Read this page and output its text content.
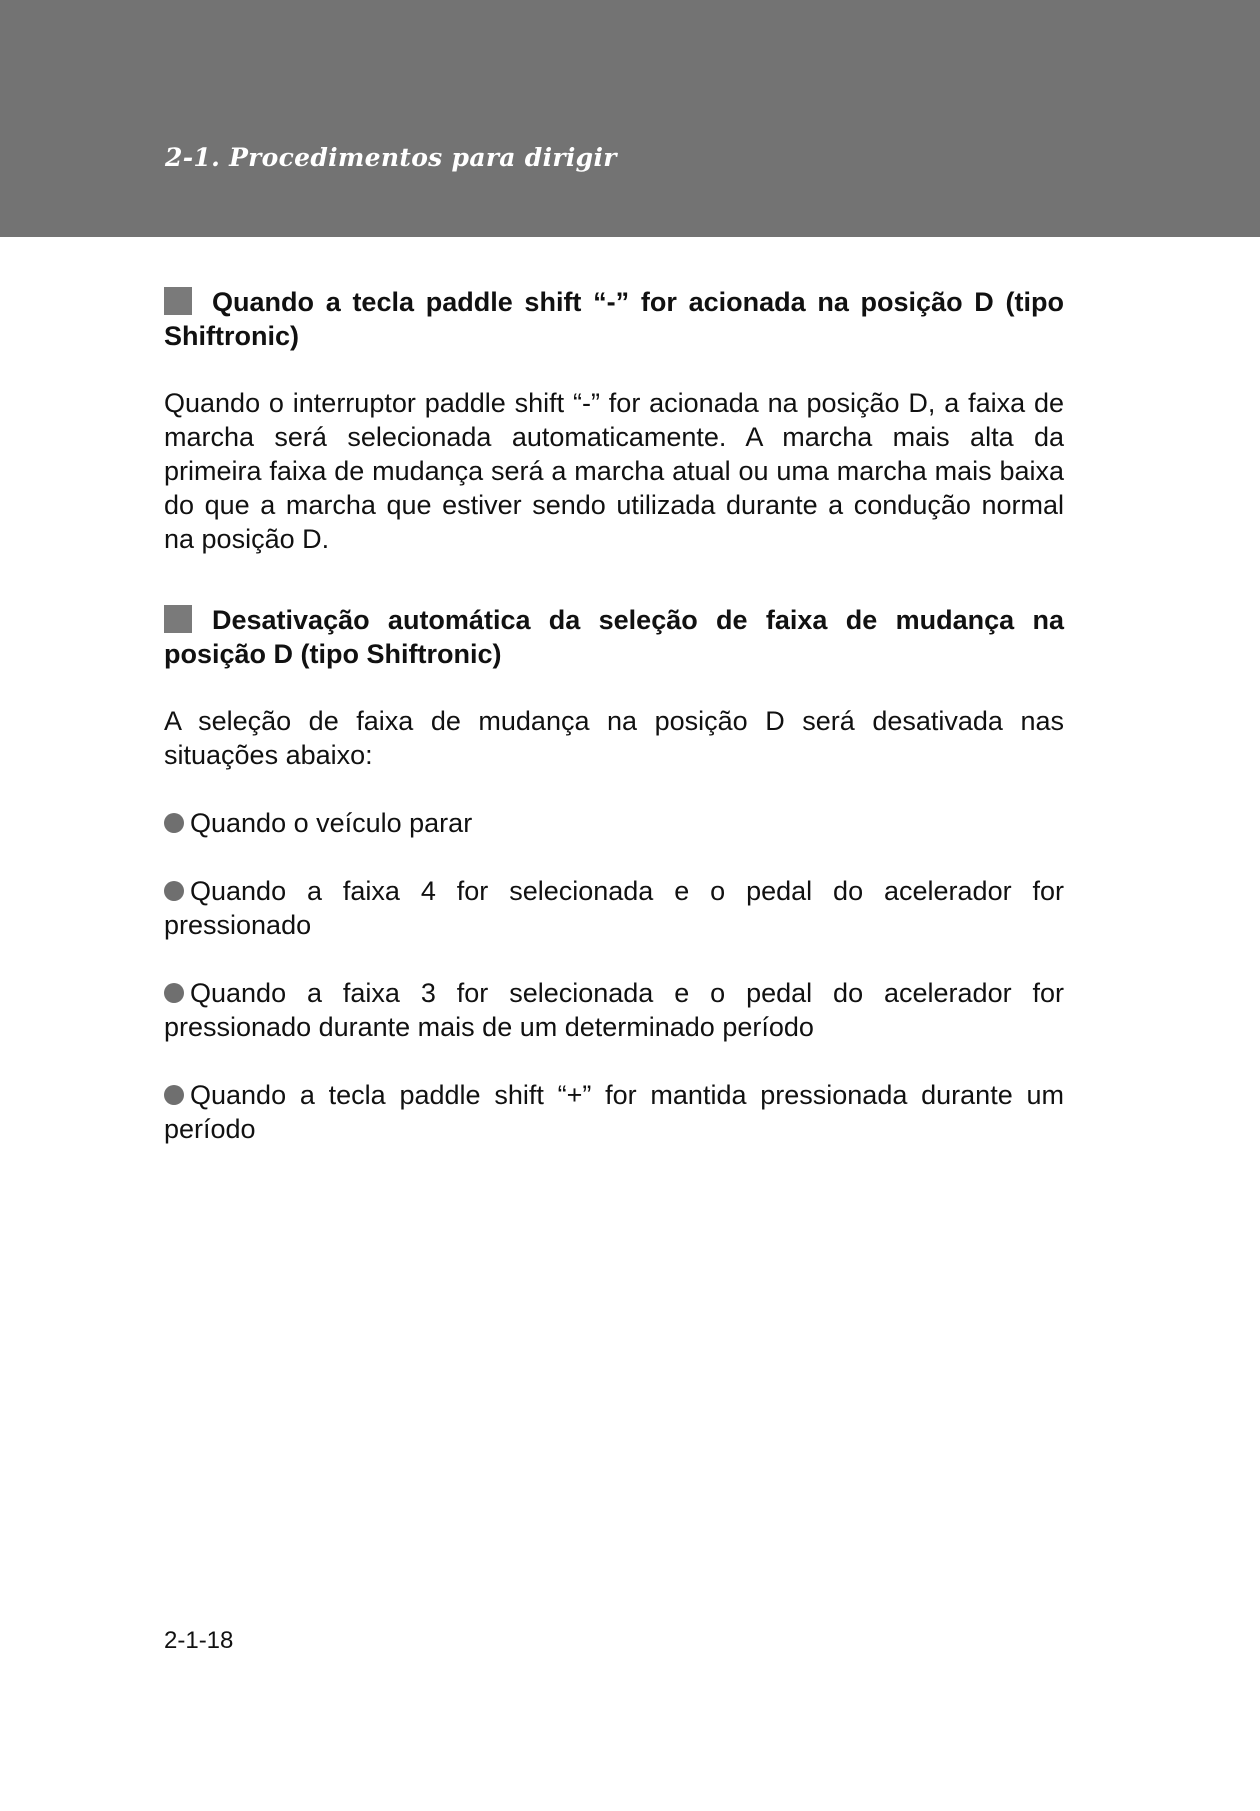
2-1. Procedimentos para dirigir

Quando a tecla paddle shift “-” for acionada na posição D (tipo Shiftronic)

Quando o interruptor paddle shift “-” for acionada na posição D, a faixa de marcha será selecionada automaticamente. A marcha mais alta da primeira faixa de mudança será a marcha atual ou uma marcha mais baixa do que a marcha que estiver sendo utilizada durante a condução normal na posição D.

Desativação automática da seleção de faixa de mudança na posição D (tipo Shiftronic)

A seleção de faixa de mudança na posição D será desativada nas situações abaixo:

Quando o veículo parar

Quando a faixa 4 for selecionada e o pedal do acelerador for pressionado

Quando a faixa 3 for selecionada e o pedal do acelerador for pressionado durante mais de um determinado período

Quando a tecla paddle shift “+” for mantida pressionada durante um período

2-1-18
